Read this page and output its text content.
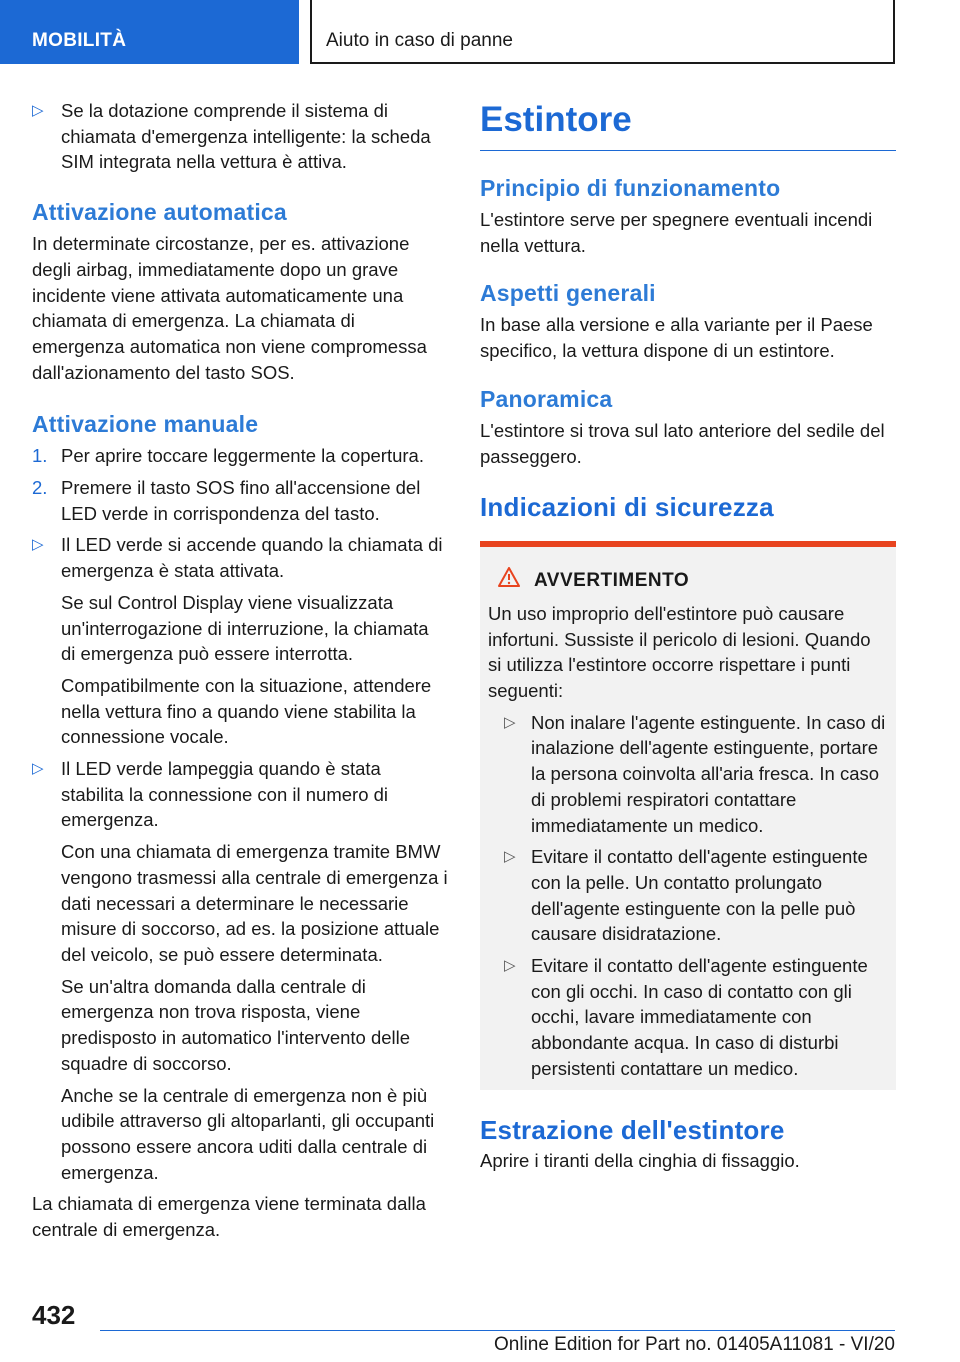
MOBILITÀ	Aiuto in caso di panne

▷ Se la dotazione comprende il sistema di chiamata d'emergenza intelligente: la scheda SIM integrata nella vettura è attiva.

Attivazione automatica

In determinate circostanze, per es. attivazione degli airbag, immediatamente dopo un grave incidente viene attivata automaticamente una chiamata di emergenza. La chiamata di emergenza automatica non viene compromessa dall'azionamento del tasto SOS.

Attivazione manuale

1. Per aprire toccare leggermente la copertura.

2. Premere il tasto SOS fino all'accensione del LED verde in corrispondenza del tasto.

▷ Il LED verde si accende quando la chiamata di emergenza è stata attivata.

Se sul Control Display viene visualizzata un'interrogazione di interruzione, la chiamata di emergenza può essere interrotta.

Compatibilmente con la situazione, attendere nella vettura fino a quando viene stabilita la connessione vocale.

▷ Il LED verde lampeggia quando è stata stabilita la connessione con il numero di emergenza.

Con una chiamata di emergenza tramite BMW vengono trasmessi alla centrale di emergenza i dati necessari a determinare le necessarie misure di soccorso, ad es. la posizione attuale del veicolo, se può essere determinata.

Se un'altra domanda dalla centrale di emergenza non trova risposta, viene predisposto in automatico l'intervento delle squadre di soccorso.

Anche se la centrale di emergenza non è più udibile attraverso gli altoparlanti, gli occupanti possono essere ancora uditi dalla centrale di emergenza.

La chiamata di emergenza viene terminata dalla centrale di emergenza.

Estintore
Principio di funzionamento

L'estintore serve per spegnere eventuali incendi nella vettura.

Aspetti generali

In base alla versione e alla variante per il Paese specifico, la vettura dispone di un estintore.

Panoramica

L'estintore si trova sul lato anteriore del sedile del passeggero.

Indicazioni di sicurezza
AVVERTIMENTO

Un uso improprio dell'estintore può causare infortuni. Sussiste il pericolo di lesioni. Quando si utilizza l'estintore occorre rispettare i punti seguenti:

▷ Non inalare l'agente estinguente. In caso di inalazione dell'agente estinguente, portare la persona coinvolta all'aria fresca. In caso di problemi respiratori contattare immediatamente un medico.

▷ Evitare il contatto dell'agente estinguente con la pelle. Un contatto prolungato dell'agente estinguente con la pelle può causare disidratazione.

▷ Evitare il contatto dell'agente estinguente con gli occhi. In caso di contatto con gli occhi, lavare immediatamente con abbondante acqua. In caso di disturbi persistenti contattare un medico.

Estrazione dell'estintore

Aprire i tiranti della cinghia di fissaggio.

432
Online Edition for Part no. 01405A11081 - VI/20
